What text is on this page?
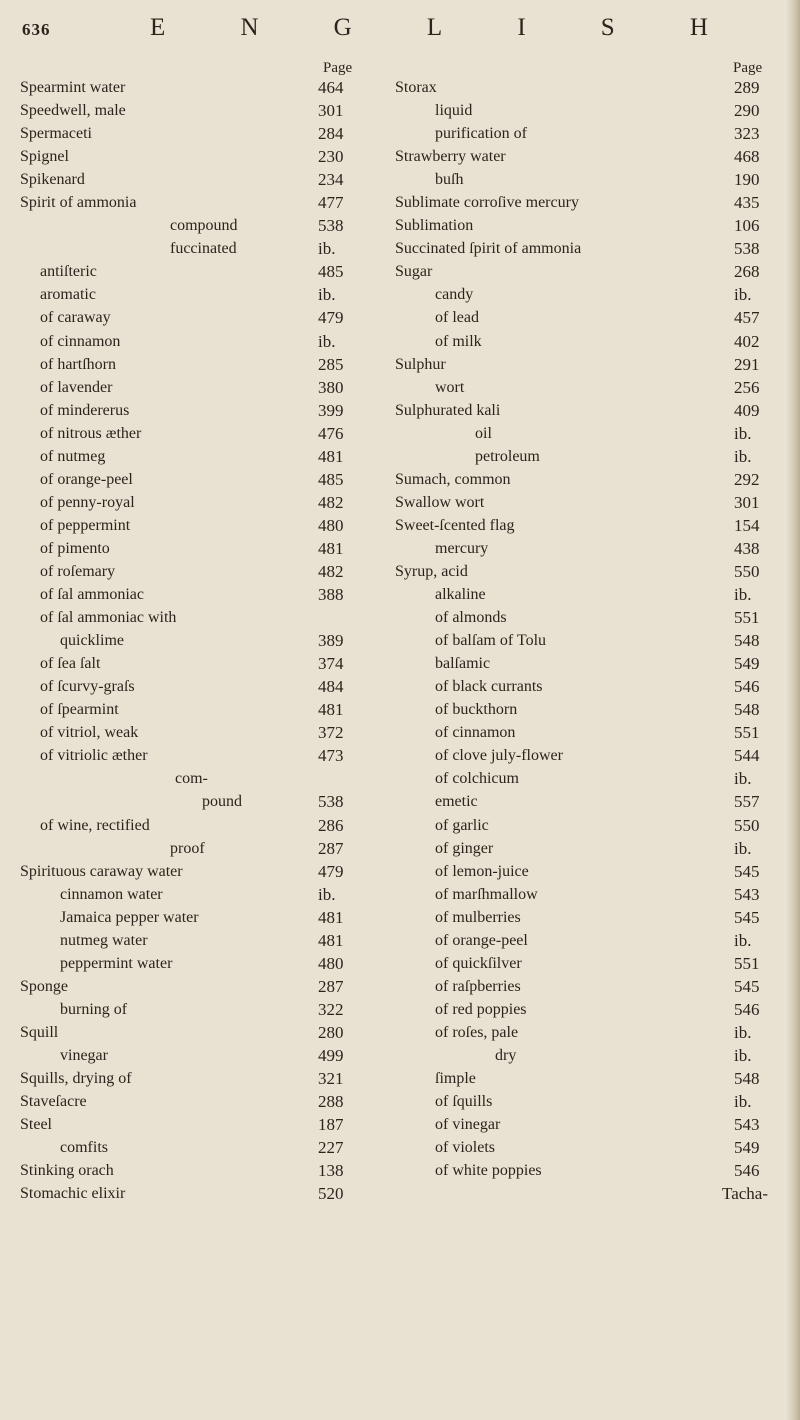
636	E	N	G	L	I	S	H
Page
Spearmint water	464
Speedwell, male	301
Spermaceti	284
Spignel	230
Spikenard	234
Spirit of ammonia	477
compound	538
fuccinated	ib.
antiſteric	485
aromatic	ib.
of caraway	479
of cinnamon	ib.
of hartſhorn	285
of lavender	380
of mindererus	399
of nitrous æther	476
of nutmeg	481
of orange-peel	485
of penny-royal	482
of peppermint	480
of pimento	481
of roſemary	482
of ſal ammoniac	388
of ſal ammoniac with
quicklime	389
of ſea ſalt	374
of ſcurvy-graſs	484
of ſpearmint	481
of vitriol, weak	372
of vitriolic æther	473
com-
pound	538
of wine, rectified	286
proof	287
Spirituous caraway water	479
cinnamon water	ib.
Jamaica pepper water	481
nutmeg water	481
peppermint water	480
Sponge	287
burning of	322
Squill	280
vinegar	499
Squills, drying of	321
Staveſacre	288
Steel	187
comfits	227
Stinking orach	138
Stomachic elixir	520
Page
Storax	289
liquid	290
purification of	323
Strawberry water	468
buſh	190
Sublimate corroſive mercury	435
Sublimation	106
Succinated ſpirit of ammonia	538
Sugar	268
candy	ib.
of lead	457
of milk	402
Sulphur	291
wort	256
Sulphurated kali	409
oil	ib.
petroleum	ib.
Sumach, common	292
Swallow wort	301
Sweet-ſcented flag	154
mercury	438
Syrup, acid	550
alkaline	ib.
of almonds	551
of balſam of Tolu	548
balſamic	549
of black currants	546
of buckthorn	548
of cinnamon	551
of clove july-flower	544
of colchicum	ib.
emetic	557
of garlic	550
of ginger	ib.
of lemon-juice	545
of marſhmallow	543
of mulberries	545
of orange-peel	ib.
of quickſilver	551
of raſpberries	545
of red poppies	546
of roſes, pale	ib.
dry	ib.
ſimple	548
of ſquills	ib.
of vinegar	543
of violets	549
of white poppies	546
Tacha-
